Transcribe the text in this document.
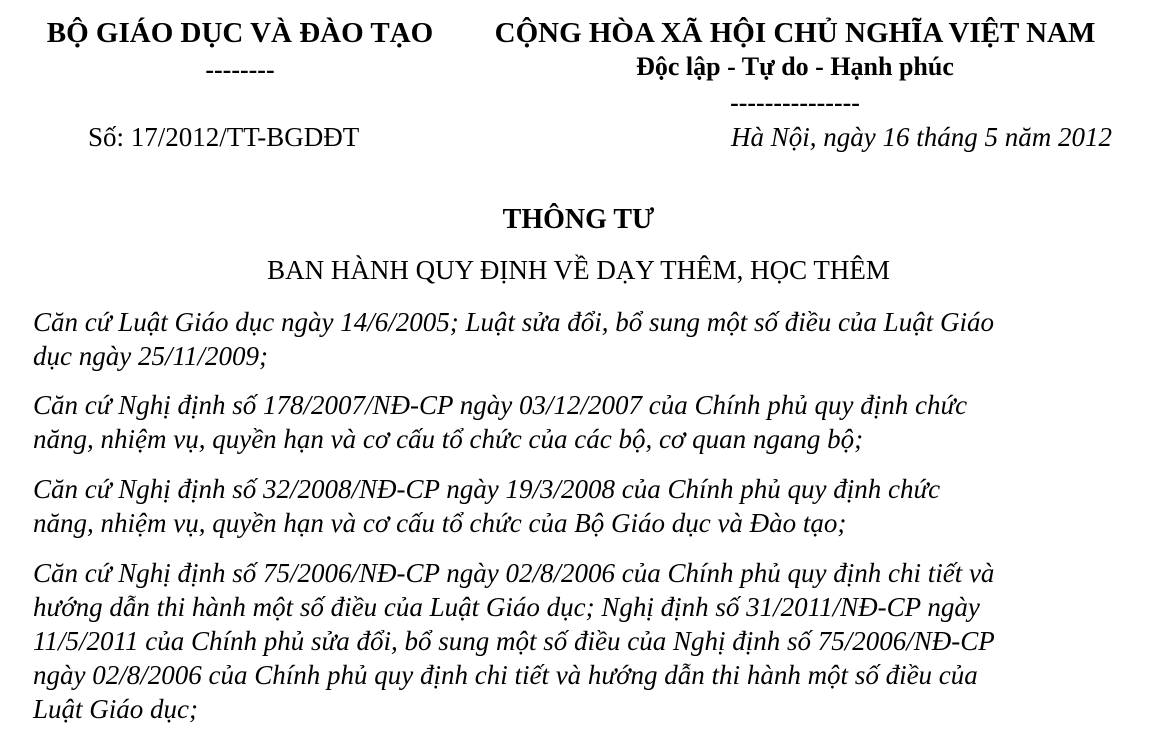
BỘ GIÁO DỤC VÀ ĐÀO TẠO
--------
CỘNG HÒA XÃ HỘI CHỦ NGHĨA VIỆT NAM
Độc lập - Tự do - Hạnh phúc
---------------
Số: 17/2012/TT-BGDĐT	Hà Nội, ngày 16 tháng 5 năm 2012
THÔNG TƯ
BAN HÀNH QUY ĐỊNH VỀ DẠY THÊM, HỌC THÊM
Căn cứ Luật Giáo dục ngày 14/6/2005; Luật sửa đổi, bổ sung một số điều của Luật Giáo
dục ngày 25/11/2009;
Căn cứ Nghị định số 178/2007/NĐ-CP ngày 03/12/2007 của Chính phủ quy định chức
năng, nhiệm vụ, quyền hạn và cơ cấu tổ chức của các bộ, cơ quan ngang bộ;
Căn cứ Nghị định số 32/2008/NĐ-CP ngày 19/3/2008 của Chính phủ quy định chức
năng, nhiệm vụ, quyền hạn và cơ cấu tổ chức của Bộ Giáo dục và Đào tạo;
Căn cứ Nghị định số 75/2006/NĐ-CP ngày 02/8/2006 của Chính phủ quy định chi tiết và
hướng dẫn thi hành một số điều của Luật Giáo dục; Nghị định số 31/2011/NĐ-CP ngày
11/5/2011 của Chính phủ sửa đổi, bổ sung một số điều của Nghị định số 75/2006/NĐ-CP
ngày 02/8/2006 của Chính phủ quy định chi tiết và hướng dẫn thi hành một số điều của
Luật Giáo dục;
